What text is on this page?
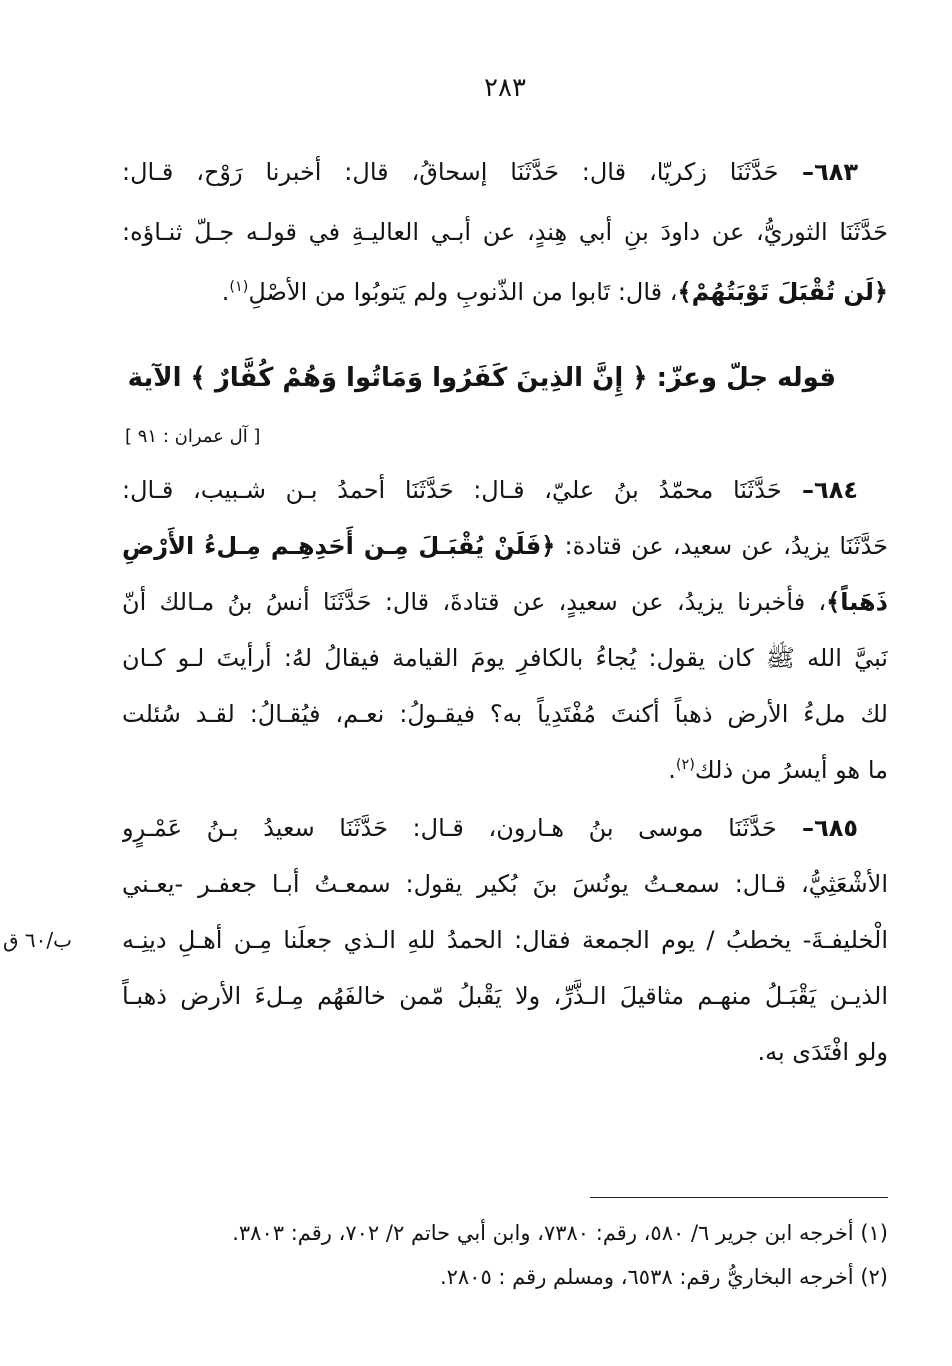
٢٨٣
٦٨٣– حَدَّثَنَا زكريّا، قال: حَدَّثَنَا إسحاقُ، قال: أخبرنا رَوْح، قـال:
حَدَّثَنَا الثوريُّ، عن داودَ بنِ أبي هِندٍ، عن أبـي العاليـةِ في قولـه جـلّ ثنـاؤه:
﴿لَن تُقْبَلَ تَوْبَتُهُمْ﴾، قال: تَابوا من الذّنوبِ ولم يَتوبُوا من الأصْلِ$^{(١)}$.
قوله جلّ وعزّ: ﴿ إِنَّ الذِينَ كَفَرُوا وَمَاتُوا وَهُمْ كُفَّارٌ ﴾ الآية
[ آل عمران : ٩١ ]
٦٨٤– حَدَّثَنَا محمّدُ بنُ عليّ، قـال: حَدَّثَنَا أحمدُ بـن شـبيب، قـال:
حَدَّثَنَا يزيدُ، عن سعيد، عن قتادة: ﴿فَلَنْ يُقْبَـلَ مِـن أَحَدِهِـم مِـلءُ الأَرْضِ
ذَهَباً﴾، فأخبرنا يزيدُ، عن سعيدٍ، عن قتادةَ، قال: حَدَّثَنَا أنسُ بنُ مـالك أنّ
نَبيَّ الله ﷺ كان يقول: يُجاءُ بالكافرِ يومَ القيامة فيقالُ لهُ: أرأيتَ لـو كـان
لك ملءُ الأرض ذهباً أكنتَ مُفْتَدِياً به؟ فيقـولُ: نعـم، فيُقـالُ: لقـد سُئلت
ما هو أيسرُ من ذلك$^{(٢)}$.
٦٨٥– حَدَّثَنَا موسى بنُ هـارون، قـال: حَدَّثَنَا سعيدُ بـنُ عَمْـرٍو
الأشْعَثِيُّ، قـال: سمعـتُ يونُسَ بنَ بُكير يقول: سمعـتُ أبـا جعفـر -يعـني
الْخليفـةَ- يخطبُ / يوم الجمعة فقال: الحمدُ للهِ الـذي جعلَنا مِـن أهـلِ دينِـه
الذيـن يَقْبَـلُ منهـم مثاقيلَ الـذَّرِّ، ولا يَقْبلُ مّمن خالفَهُم مِـلءَ الأرض ذهبـاً
ولو افْتَدَى به.
ق ٦٠/ب
(١) أخرجه ابن جرير ٦/ ٥٨٠، رقم: ٧٣٨٠، وابن أبي حاتم ٢/ ٧٠٢، رقم: ٣٨٠٣.
(٢) أخرجه البخاريُّ رقم: ٦٥٣٨، ومسلم رقم : ٢٨٠٥.
